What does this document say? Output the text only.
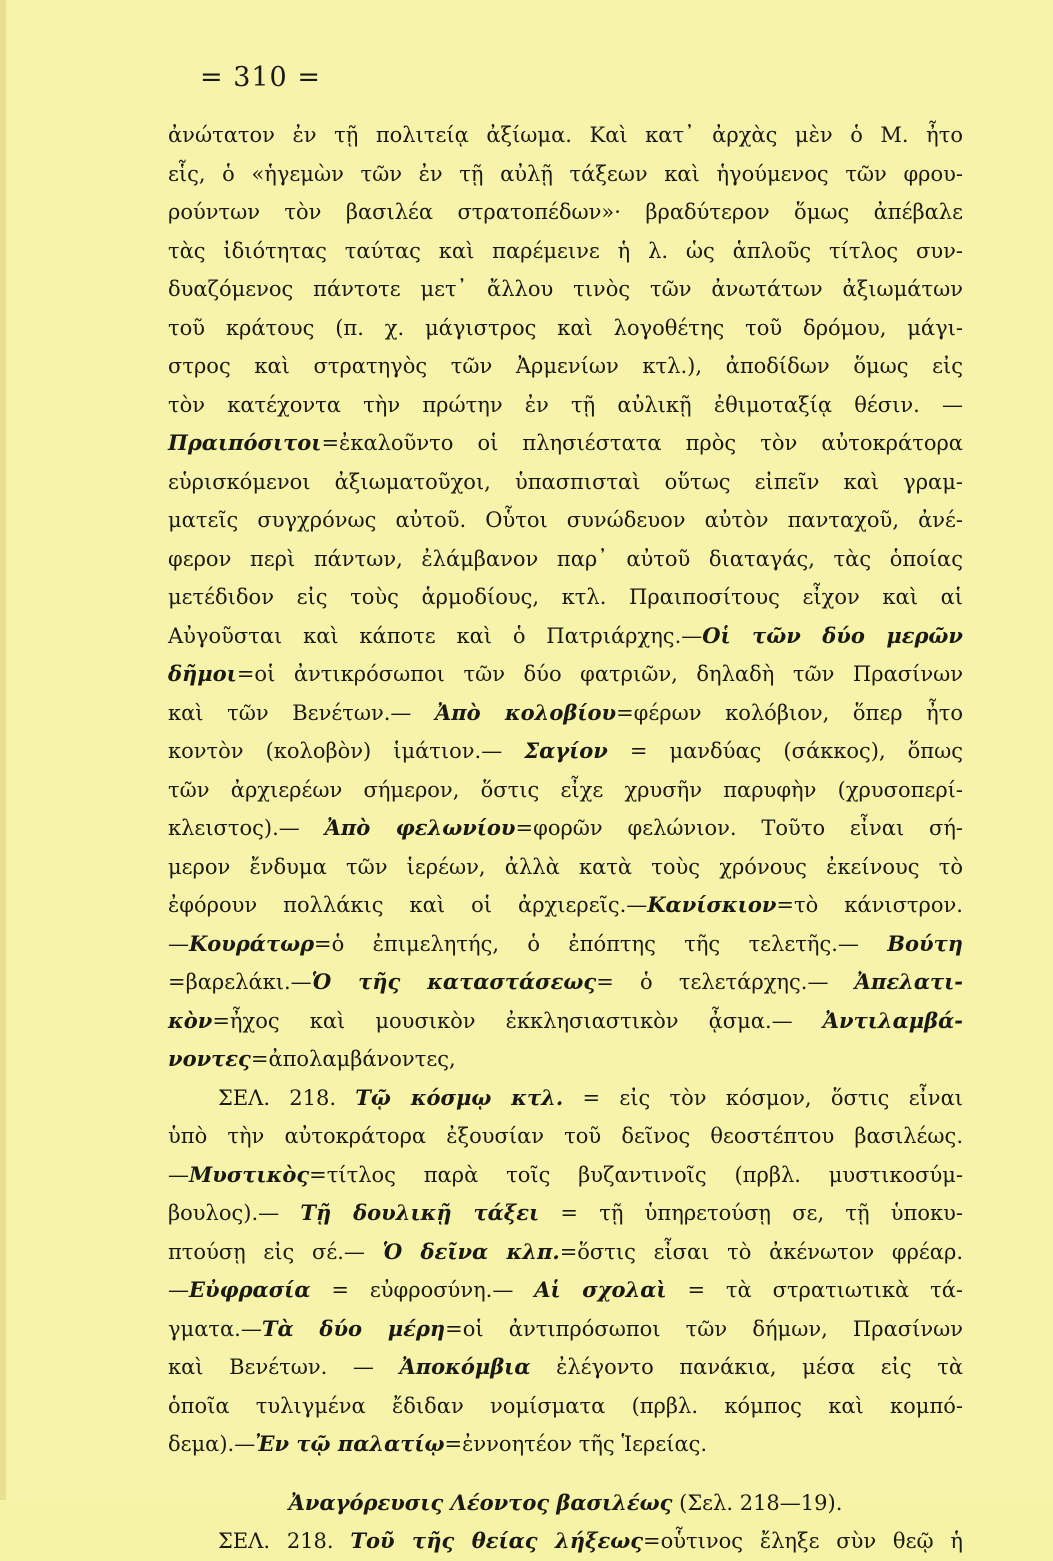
= 310 =
ἀνώτατον ἐν τῇ πολιτείᾳ ἀξίωμα. Καὶ κατ᾽ ἀρχὰς μὲν ὁ Μ. ἦτο
εἷς, ὁ «ἡγεμὼν τῶν ἐν τῇ αὐλῇ τάξεων καὶ ἡγούμενος τῶν φρου-
ρούντων τὸν βασιλέα στρατοπέδων»· βραδύτερον ὅμως ἀπέβαλε
τὰς ἰδιότητας ταύτας καὶ παρέμεινε ἡ λ. ὡς ἁπλοῦς τίτλος συν-
δυαζόμενος πάντοτε μετ᾽ ἄλλου τινὸς τῶν ἀνωτάτων ἀξιωμάτων
τοῦ κράτους (π. χ. μάγιστρος καὶ λογοθέτης τοῦ δρόμου, μάγι-
στρος καὶ στρατηγὸς τῶν Ἀρμενίων κτλ.), ἀποδίδων ὅμως εἰς
τὸν κατέχοντα τὴν πρώτην ἐν τῇ αὐλικῇ ἐθιμοταξίᾳ θέσιν. —
Πραιπόσιτοι=ἐκαλοῦντο οἱ πλησιέστατα πρὸς τὸν αὐτοκράτορα
εὑρισκόμενοι ἀξιωματοῦχοι, ὑπασπισταὶ οὕτως εἰπεῖν καὶ γραμ-
ματεῖς συγχρόνως αὐτοῦ. Οὗτοι συνώδευον αὐτὸν πανταχοῦ, ἀνέ-
φερον περὶ πάντων, ἐλάμβανον παρ᾽ αὐτοῦ διαταγάς, τὰς ὁποίας
μετέδιδον εἰς τοὺς ἁρμοδίους, κτλ. Πραιποσίτους εἶχον καὶ αἱ
Αὐγοῦσται καὶ κάποτε καὶ ὁ Πατριάρχης.—Οἱ τῶν δύο μερῶν
δῆμοι=οἱ ἀντικρόσωποι τῶν δύο φατριῶν, δηλαδὴ τῶν Πρασίνων
καὶ τῶν Βενέτων.— Ἀπὸ κολοβίου=φέρων κολόβιον, ὅπερ ἦτο
κοντὸν (κολοβὸν) ἱμάτιον.— Σαγίον = μανδύας (σάκκος), ὅπως
τῶν ἀρχιερέων σήμερον, ὅστις εἶχε χρυσῆν παρυφὴν (χρυσοπερί-
κλειστος).— Ἀπὸ φελωνίου=φορῶν φελώνιον. Τοῦτο εἶναι σή-
μερον ἔνδυμα τῶν ἱερέων, ἀλλὰ κατὰ τοὺς χρόνους ἐκείνους τὸ
ἐφόρουν πολλάκις καὶ οἱ ἀρχιερεῖς.—Κανίσκιον=τὸ κάνιστρον.
—Κουράτωρ=ὁ ἐπιμελητής, ὁ ἐπόπτης τῆς τελετῆς.— Βούτη
=βαρελάκι.—Ὁ τῆς καταστάσεως= ὁ τελετάρχης.— Ἀπελατι-
κὸν=ἦχος καὶ μουσικὸν ἐκκλησιαστικὸν ᾆσμα.— Ἀντιλαμβά-
νοντες=ἀπολαμβάνοντες,
ΣΕΛ. 218. Τῷ κόσμῳ κτλ. = εἰς τὸν κόσμον, ὅστις εἶναι
ὑπὸ τὴν αὐτοκράτορα ἐξουσίαν τοῦ δεῖνος θεοστέπτου βασιλέως.
—Μυστικὸς=τίτλος παρὰ τοῖς βυζαντινοῖς (πρβλ. μυστικοσύμ-
βουλος).— Τῇ δουλικῇ τάξει = τῇ ὑπηρετούσῃ σε, τῇ ὑποκυ-
πτούσῃ εἰς σέ.— Ὁ δεῖνα κλπ.=ὅστις εἶσαι τὸ ἀκένωτον φρέαρ.
—Εὐφρασία = εὐφροσύνη.— Αἱ σχολαὶ = τὰ στρατιωτικὰ τά-
γματα.—Τὰ δύο μέρη=οἱ ἀντιπρόσωποι τῶν δήμων, Πρασίνων
καὶ Βενέτων. — Ἀποκόμβια ἐλέγοντο πανάκια, μέσα εἰς τὰ
ὁποῖα τυλιγμένα ἔδιδαν νομίσματα (πρβλ. κόμπος καὶ κομπό-
δεμα).—Ἐν τῷ παλατίῳ=ἐννοητέον τῆς Ἱερείας.
Ἀναγόρευσις Λέοντος βασιλέως (Σελ. 218—19).
ΣΕΛ. 218. Τοῦ τῆς θείας λήξεως=οὗτινος ἔληξε σὺν θεῷ ἡ
